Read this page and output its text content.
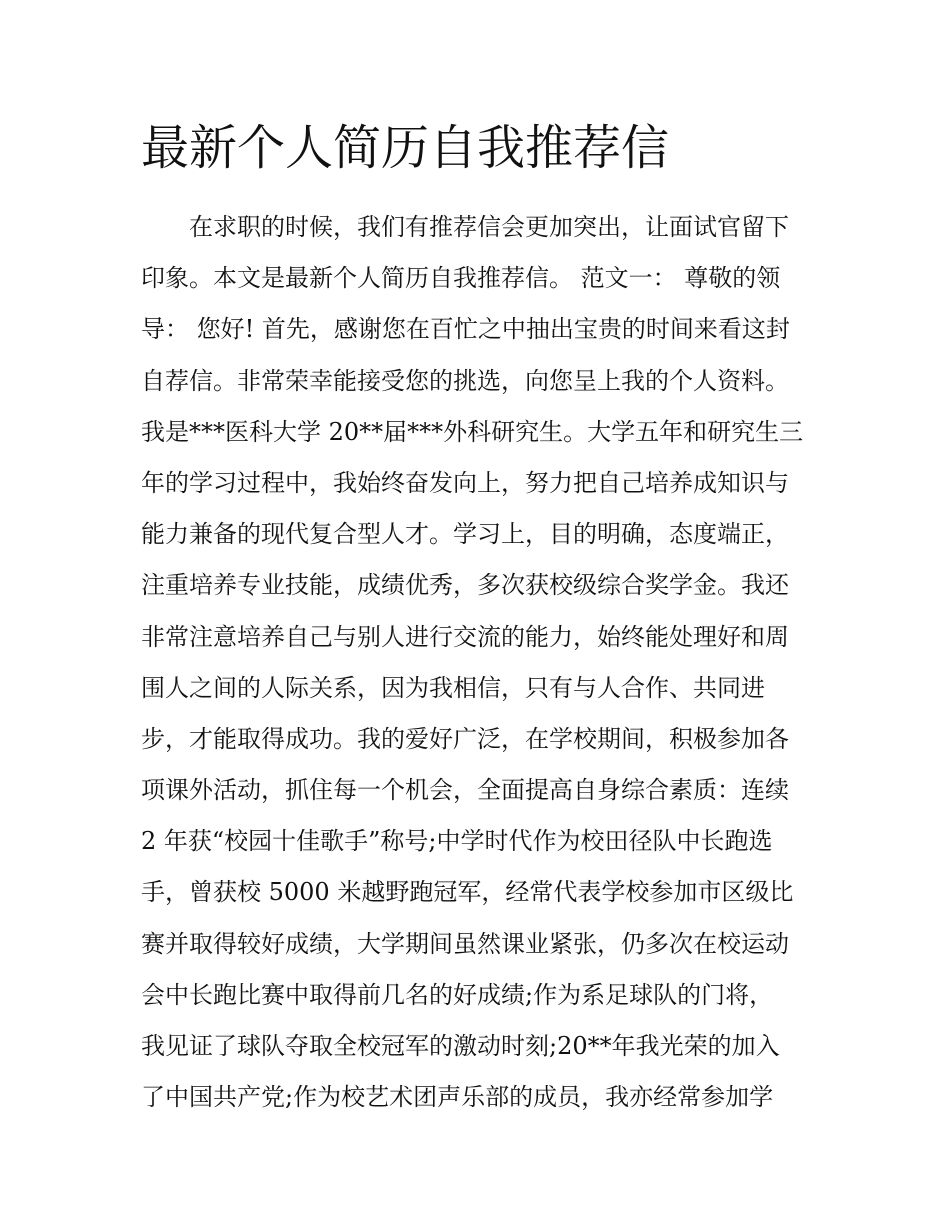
最新个人简历自我推荐信
　　在求职的时候，我们有推荐信会更加突出，让面试官留下
印象。本文是最新个人简历自我推荐信。 范文一： 尊敬的领
导： 您好! 首先，感谢您在百忙之中抽出宝贵的时间来看这封
自荐信。非常荣幸能接受您的挑选，向您呈上我的个人资料。
我是***医科大学 20**届***外科研究生。大学五年和研究生三
年的学习过程中，我始终奋发向上，努力把自己培养成知识与
能力兼备的现代复合型人才。学习上，目的明确，态度端正，
注重培养专业技能，成绩优秀，多次获校级综合奖学金。我还
非常注意培养自己与别人进行交流的能力，始终能处理好和周
围人之间的人际关系，因为我相信，只有与人合作、共同进
步，才能取得成功。我的爱好广泛，在学校期间，积极参加各
项课外活动，抓住每一个机会，全面提高自身综合素质：连续
2 年获“校园十佳歌手”称号;中学时代作为校田径队中长跑选
手，曾获校 5000 米越野跑冠军，经常代表学校参加市区级比
赛并取得较好成绩，大学期间虽然课业紧张，仍多次在校运动
会中长跑比赛中取得前几名的好成绩;作为系足球队的门将，
我见证了球队夺取全校冠军的激动时刻;20**年我光荣的加入
了中国共产党;作为校艺术团声乐部的成员，我亦经常参加学
